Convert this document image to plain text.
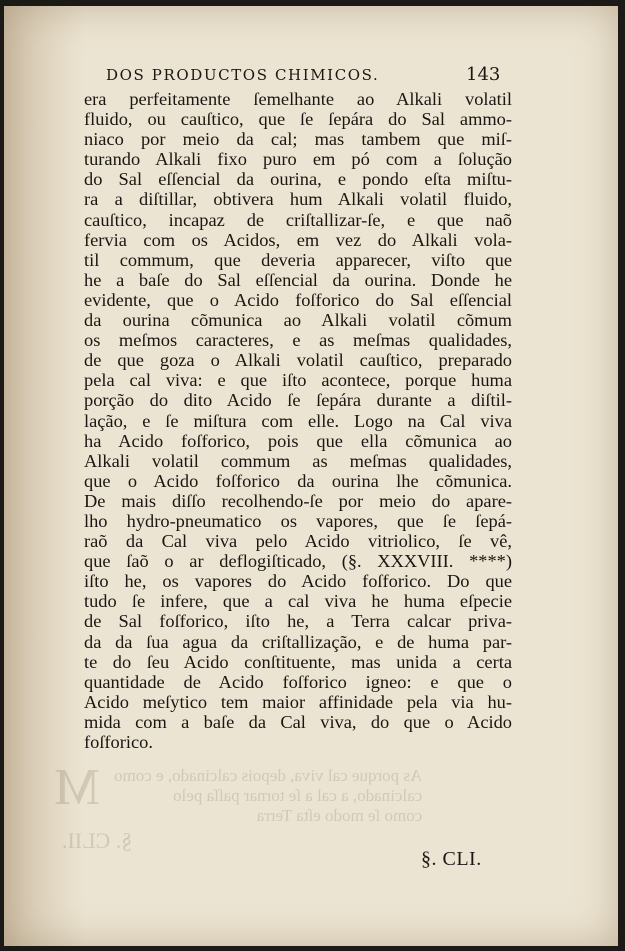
DOS PRODUCTOS CHIMICOS.	143
era perfeitamente ſemelhante ao Alkali volatil
fluido, ou cauſtico, que ſe ſepára do Sal ammo-
niaco por meio da cal; mas tambem que miſ-
turando Alkali fixo puro em pó com a ſolução
do Sal eſſencial da ourina, e pondo eſta miſtu-
ra a diſtillar, obtivera hum Alkali volatil fluido,
cauſtico, incapaz de criſtallizar-ſe, e que naõ
fervia com os Acidos, em vez do Alkali vola-
til commum, que deveria apparecer, viſto que
he a baſe do Sal eſſencial da ourina. Donde he
evidente, que o Acido foſforico do Sal eſſencial
da ourina cõmunica ao Alkali volatil cõmum
os meſmos caracteres, e as meſmas qualidades,
de que goza o Alkali volatil cauſtico, preparado
pela cal viva: e que iſto acontece, porque huma
porção do dito Acido ſe ſepára durante a diſtil-
lação, e ſe miſtura com elle. Logo na Cal viva
ha Acido foſforico, pois que ella cõmunica ao
Alkali volatil commum as meſmas qualidades,
que o Acido foſforico da ourina lhe cõmunica.
De mais diſſo recolhendo-ſe por meio do apare-
lho hydro-pneumatico os vapores, que ſe ſepá-
raõ da Cal viva pelo Acido vitriolico, ſe vê,
que ſaõ o ar deflogiſticado, (§. XXXVIII. ****)
iſto he, os vapores do Acido foſforico. Do que
tudo ſe infere, que a cal viva he huma eſpecie
de Sal foſforico, iſto he, a Terra calcar priva-
da da ſua agua da criſtallização, e de huma par-
te do ſeu Acido conſtituente, mas unida a certa
quantidade de Acido foſforico igneo: e que o
Acido meſytico tem maior affinidade pela via hu-
mida com a baſe da Cal viva, do que o Acido
foſforico.
M As porque cal viva, depois calcinado, e como
calcinado, a cal a ſe tornar paſſa pelo
como ſe modo eſta Terra
§. CLII.
§. CLI.
